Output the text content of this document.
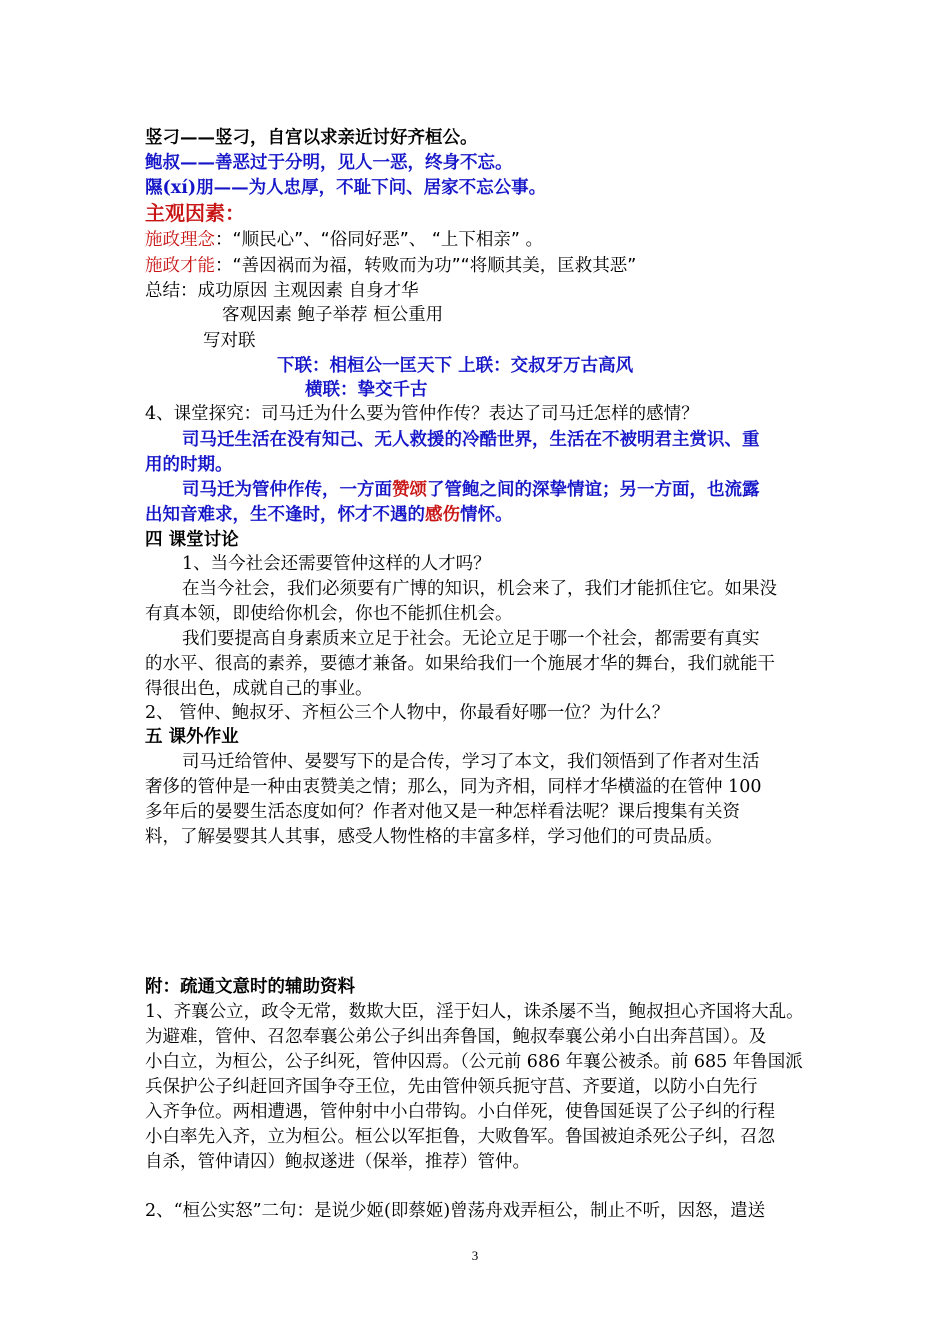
竖刁——竖刁，自宫以求亲近讨好齐桓公。
鲍叔——善恶过于分明，见人一恶，终身不忘。
隰(xí)朋——为人忠厚，不耻下问、居家不忘公事。
主观因素：
施政理念：“顺民心”、“俗同好恶”、 “上下相亲” 。
施政才能：“善因祸而为福，转败而为功”“将顺其美，匡救其恶”
总结：成功原因 主观因素 自身才华
客观因素 鲍子举荐 桓公重用
写对联
下联：相桓公一匡天下 上联：交叔牙万古高风
横联：挚交千古
4、课堂探究：司马迁为什么要为管仲作传？表达了司马迁怎样的感情？
司马迁生活在没有知己、无人救援的冷酷世界，生活在不被明君主赏识、重
用的时期。
司马迁为管仲作传，一方面赞颂了管鲍之间的深挚情谊；另一方面，也流露
出知音难求，生不逢时，怀才不遇的感伤情怀。
四 课堂讨论
1、当今社会还需要管仲这样的人才吗？
在当今社会，我们必须要有广博的知识，机会来了，我们才能抓住它。如果没
有真本领，即使给你机会，你也不能抓住机会。
我们要提高自身素质来立足于社会。无论立足于哪一个社会，都需要有真实
的水平、很高的素养，要德才兼备。如果给我们一个施展才华的舞台，我们就能干
得很出色，成就自己的事业。
2、 管仲、鲍叔牙、齐桓公三个人物中，你最看好哪一位？为什么？
五 课外作业
司马迁给管仲、晏婴写下的是合传，学习了本文，我们领悟到了作者对生活
奢侈的管仲是一种由衷赞美之情；那么，同为齐相，同样才华横溢的在管仲 100
多年后的晏婴生活态度如何？作者对他又是一种怎样看法呢？课后搜集有关资
料，了解晏婴其人其事，感受人物性格的丰富多样，学习他们的可贵品质。
附：疏通文意时的辅助资料
1、齐襄公立，政令无常，数欺大臣，淫于妇人，诛杀屡不当，鲍叔担心齐国将大乱。
为避难，管仲、召忽奉襄公弟公子纠出奔鲁国，鲍叔奉襄公弟小白出奔莒国）。及
小白立，为桓公，公子纠死，管仲囚焉。（公元前 686 年襄公被杀。前 685 年鲁国派
兵保护公子纠赶回齐国争夺王位，先由管仲领兵扼守莒、齐要道，以防小白先行
入齐争位。两相遭遇，管仲射中小白带钩。小白佯死，使鲁国延误了公子纠的行程
小白率先入齐，立为桓公。桓公以军拒鲁，大败鲁军。鲁国被迫杀死公子纠，召忽
自杀，管仲请囚）鲍叔遂进（保举，推荐）管仲。
2、“桓公实怒”二句：是说少姬(即蔡姬)曾荡舟戏弄桓公，制止不听，因怒，遣送
3
